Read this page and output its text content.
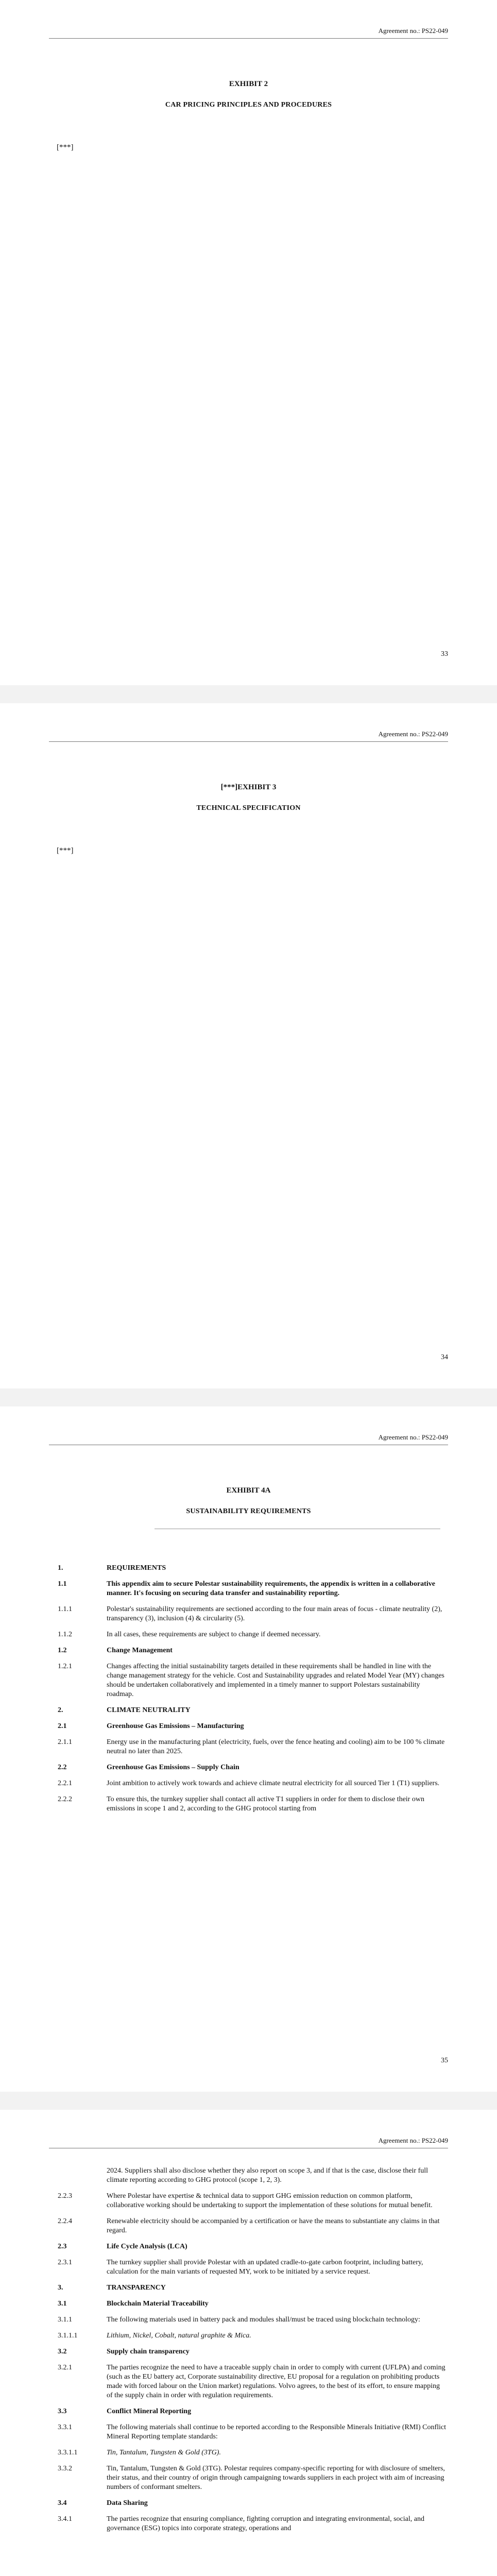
Agreement no.: PS22-049
EXHIBIT 2
CAR PRICING PRINCIPLES AND PROCEDURES
[***]
33
Agreement no.: PS22-049
[***]EXHIBIT 3
TECHNICAL SPECIFICATION
[***]
34
Agreement no.: PS22-049
EXHIBIT 4A
SUSTAINABILITY REQUIREMENTS
1.	REQUIREMENTS
1.1	This appendix aim to secure Polestar sustainability requirements, the appendix is written in a collaborative manner. It's focusing on securing data transfer and sustainability reporting.
1.1.1	Polestar's sustainability requirements are sectioned according to the four main areas of focus - climate neutrality (2), transparency (3), inclusion (4) & circularity (5).
1.1.2	In all cases, these requirements are subject to change if deemed necessary.
1.2	Change Management
1.2.1	Changes affecting the initial sustainability targets detailed in these requirements shall be handled in line with the change management strategy for the vehicle. Cost and Sustainability upgrades and related Model Year (MY) changes should be undertaken collaboratively and implemented in a timely manner to support Polestars sustainability roadmap.
2.	CLIMATE NEUTRALITY
2.1	Greenhouse Gas Emissions – Manufacturing
2.1.1	Energy use in the manufacturing plant (electricity, fuels, over the fence heating and cooling) aim to be 100 % climate neutral no later than 2025.
2.2	Greenhouse Gas Emissions – Supply Chain
2.2.1	Joint ambition to actively work towards and achieve climate neutral electricity for all sourced Tier 1 (T1) suppliers.
2.2.2	To ensure this, the turnkey supplier shall contact all active T1 suppliers in order for them to disclose their own emissions in scope 1 and 2, according to the GHG protocol starting from
35
Agreement no.: PS22-049
2024. Suppliers shall also disclose whether they also report on scope 3, and if that is the case, disclose their full climate reporting according to GHG protocol (scope 1, 2, 3).
2.2.3	Where Polestar have expertise & technical data to support GHG emission reduction on common platform, collaborative working should be undertaking to support the implementation of these solutions for mutual benefit.
2.2.4	Renewable electricity should be accompanied by a certification or have the means to substantiate any claims in that regard.
2.3	Life Cycle Analysis (LCA)
2.3.1	The turnkey supplier shall provide Polestar with an updated cradle-to-gate carbon footprint, including battery, calculation for the main variants of requested MY, work to be initiated by a service request.
3.	TRANSPARENCY
3.1	Blockchain Material Traceability
3.1.1	The following materials used in battery pack and modules shall/must be traced using blockchain technology:
3.1.1.1	Lithium, Nickel, Cobalt, natural graphite & Mica.
3.2	Supply chain transparency
3.2.1	The parties recognize the need to have a traceable supply chain in order to comply with current (UFLPA) and coming (such as the EU battery act, Corporate sustainability directive, EU proposal for a regulation on prohibiting products made with forced labour on the Union market) regulations. Volvo agrees, to the best of its effort, to ensure mapping of the supply chain in order with regulation requirements.
3.3	Conflict Mineral Reporting
3.3.1	The following materials shall continue to be reported according to the Responsible Minerals Initiative (RMI) Conflict Mineral Reporting template standards:
3.3.1.1	Tin, Tantalum, Tungsten & Gold (3TG).
3.3.2	Tin, Tantalum, Tungsten & Gold (3TG). Polestar requires company-specific reporting for with disclosure of smelters, their status, and their country of origin through campaigning towards suppliers in each project with aim of increasing numbers of conformant smelters.
3.4	Data Sharing
3.4.1	The parties recognize that ensuring compliance, fighting corruption and integrating environmental, social, and governance (ESG) topics into corporate strategy, operations and
